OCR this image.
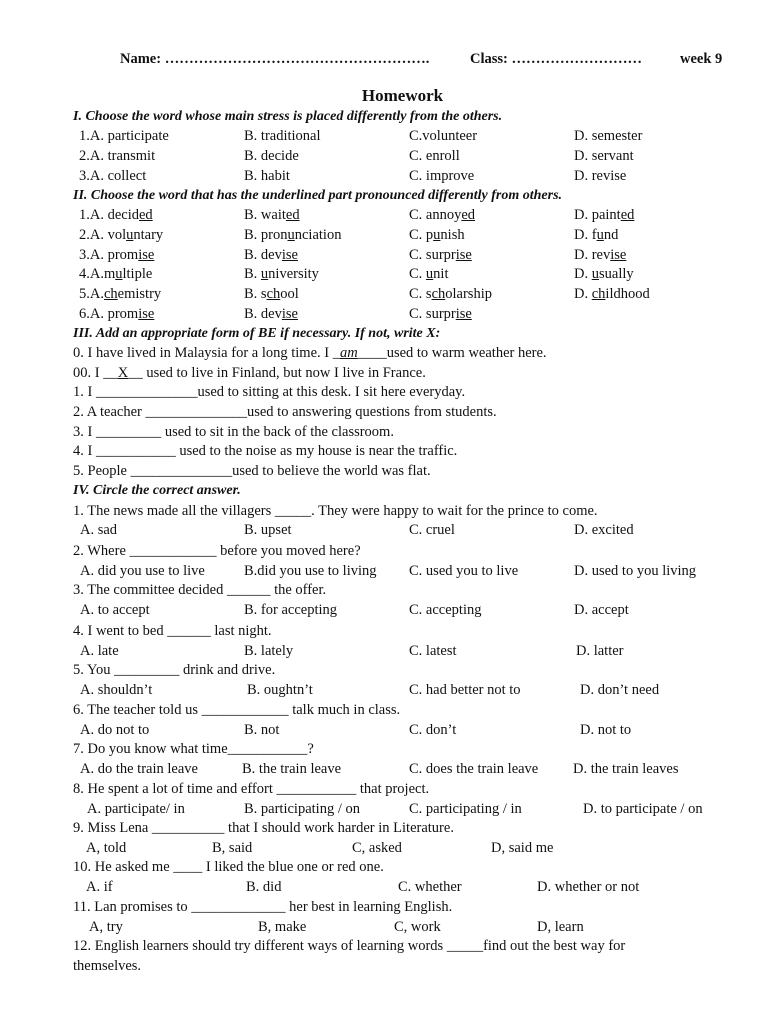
Name: ……………………………………………….	Class: ………………………	week 9
Homework
I. Choose the word whose main stress is placed differently from the others.
1.A. participate	B. traditional	C.volunteer	D. semester
2.A. transmit	B. decide	C. enroll	D. servant
3.A. collect	B. habit	C. improve	D. revise
II. Choose the word that has the underlined part pronounced differently from others.
1.A. decided	B. waited	C. annoyed	D. painted
2.A. voluntary	B. pronunciation	C. punish	D. fund
3.A. promise	B. devise	C. surprise	D. revise
4.A.multiple	B. university	C. unit	D. usually
5.A.chemistry	B. school	C. scholarship	D. childhood
6.A. promise	B. devise	C. surprise
III. Add an appropriate form of BE if necessary. If not, write X:
0. I have lived in Malaysia for a long time. I _am____used to warm weather here.
00. I __X__ used to live in Finland, but now I live in France.
1. I ______________used to sitting at this desk. I sit here everyday.
2. A teacher ______________used to answering questions from students.
3. I _________ used to sit in the back of the classroom.
4. I ___________ used to the noise as my house is near the traffic.
5. People ______________used to believe the world was flat.
IV. Circle the correct answer.
1. The news made all the villagers _____. They were happy to wait for the prince to come.
A. sad	B. upset	C. cruel	D. excited
2. Where ____________ before you moved here?
A. did you use to live	B.did you use to living C. used you to live	D. used to you living
3. The committee decided ______ the offer.
A. to accept	B. for accepting	C. accepting	D. accept
4. I went to bed ______ last night.
A. late	B. lately	C. latest	D. latter
5. You _________ drink and drive.
A. shouldn’t	B. oughtn’t	C. had better not to	D. don’t need
6. The teacher told us ____________ talk much in class.
A. do not to	B. not	C. don’t	D. not to
7. Do you know what time___________?
A. do the train leave	B. the train leave	C. does the train leave D. the train leaves
8. He spent a lot of time and effort ___________ that project.
A. participate/ in	B. participating / on	C. participating / in	D. to participate / on
9. Miss Lena __________ that I should work harder in Literature.
A, told	B, said	C, asked	D, said me
10. He asked me ____ I liked the blue one or red one.
A. if	B. did	C. whether	D. whether or not
11. Lan promises to _____________ her best in learning English.
A, try	B, make	C, work	D, learn
12. English learners should try different ways of learning words _____find out the best way for
themselves.
